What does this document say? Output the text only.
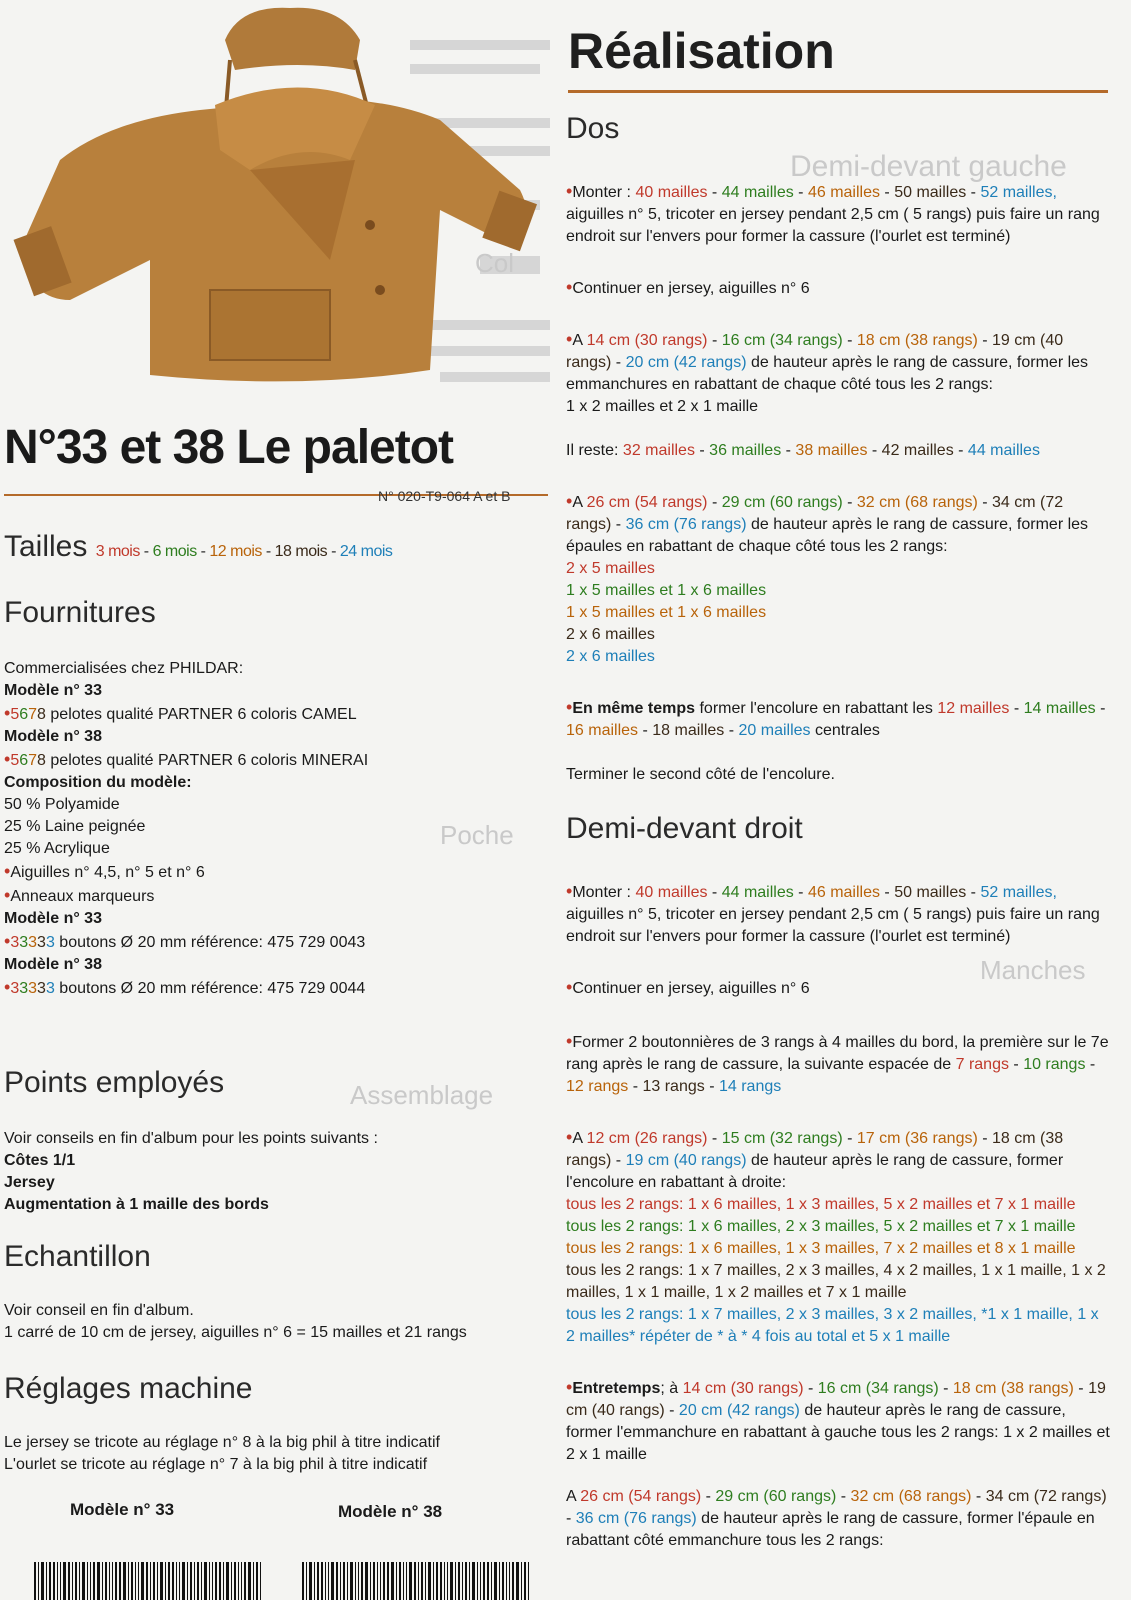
N°33 et 38 Le paletot
N° 020-T9-064 A et B
Tailles 3 mois - 6 mois - 12 mois - 18 mois - 24 mois
Fournitures
Commercialisées chez PHILDAR:
Modèle n° 33
•5678 pelotes qualité PARTNER 6 coloris CAMEL
Modèle n° 38
•5678 pelotes qualité PARTNER 6 coloris MINERAI
Composition du modèle:
50 % Polyamide
25 % Laine peignée
25 % Acrylique
•Aiguilles n° 4,5, n° 5 et n° 6
•Anneaux marqueurs
Modèle n° 33
•33333 boutons Ø 20 mm référence: 475 729 0043
Modèle n° 38
•33333 boutons Ø 20 mm référence: 475 729 0044
Points employés
Voir conseils en fin d'album pour les points suivants :
Côtes 1/1
Jersey
Augmentation à 1 maille des bords
Echantillon
Voir conseil en fin d'album.
1 carré de 10 cm de jersey, aiguilles n° 6 = 15 mailles et 21 rangs
Réglages machine
Le jersey se tricote au réglage n° 8 à la big phil à titre indicatif
L'ourlet se tricote au réglage n° 7 à la big phil à titre indicatif
Modèle n° 33	Modèle n° 38
Réalisation
Dos
•Monter : 40 mailles - 44 mailles - 46 mailles - 50 mailles - 52 mailles, aiguilles n° 5, tricoter en jersey pendant 2,5 cm ( 5 rangs) puis faire un rang endroit sur l'envers pour former la cassure (l'ourlet est terminé)
•Continuer en jersey, aiguilles n° 6
•A 14 cm (30 rangs) - 16 cm (34 rangs) - 18 cm (38 rangs) - 19 cm (40 rangs) - 20 cm (42 rangs) de hauteur après le rang de cassure, former les emmanchures en rabattant de chaque côté tous les 2 rangs:
1 x 2 mailles et 2 x 1 maille
Il reste: 32 mailles - 36 mailles - 38 mailles - 42 mailles - 44 mailles
•A 26 cm (54 rangs) - 29 cm (60 rangs) - 32 cm (68 rangs) - 34 cm (72 rangs) - 36 cm (76 rangs) de hauteur après le rang de cassure, former les épaules en rabattant de chaque côté tous les 2 rangs:
2 x 5 mailles
1 x 5 mailles et 1 x 6 mailles
1 x 5 mailles et 1 x 6 mailles
2 x 6 mailles
2 x 6 mailles
•En même temps former l'encolure en rabattant les 12 mailles - 14 mailles - 16 mailles - 18 mailles - 20 mailles centrales
Terminer le second côté de l'encolure.
Demi-devant droit
•Monter : 40 mailles - 44 mailles - 46 mailles - 50 mailles - 52 mailles, aiguilles n° 5, tricoter en jersey pendant 2,5 cm ( 5 rangs) puis faire un rang endroit sur l'envers pour former la cassure (l'ourlet est terminé)
•Continuer en jersey, aiguilles n° 6
•Former 2 boutonnières de 3 rangs à 4 mailles du bord, la première sur le 7e rang après le rang de cassure, la suivante espacée de 7 rangs - 10 rangs - 12 rangs - 13 rangs - 14 rangs
•A 12 cm (26 rangs) - 15 cm (32 rangs) - 17 cm (36 rangs) - 18 cm (38 rangs) - 19 cm (40 rangs) de hauteur après le rang de cassure, former l'encolure en rabattant à droite:
tous les 2 rangs: 1 x 6 mailles, 1 x 3 mailles, 5 x 2 mailles et 7 x 1 maille
tous les 2 rangs: 1 x 6 mailles, 2 x 3 mailles, 5 x 2 mailles et 7 x 1 maille
tous les 2 rangs: 1 x 6 mailles, 1 x 3 mailles, 7 x 2 mailles et 8 x 1 maille
tous les 2 rangs: 1 x 7 mailles, 2 x 3 mailles, 4 x 2 mailles, 1 x 1 maille, 1 x 2 mailles, 1 x 1 maille, 1 x 2 mailles et 7 x 1 maille
tous les 2 rangs: 1 x 7 mailles, 2 x 3 mailles, 3 x 2 mailles, *1 x 1 maille, 1 x 2 mailles* répéter de * à * 4 fois au total et 5 x 1 maille
•Entretemps; à 14 cm (30 rangs) - 16 cm (34 rangs) - 18 cm (38 rangs) - 19 cm (40 rangs) - 20 cm (42 rangs) de hauteur après le rang de cassure, former l'emmanchure en rabattant à gauche tous les 2 rangs: 1 x 2 mailles et 2 x 1 maille
A 26 cm (54 rangs) - 29 cm (60 rangs) - 32 cm (68 rangs) - 34 cm (72 rangs) - 36 cm (76 rangs) de hauteur après le rang de cassure, former l'épaule en rabattant côté emmanchure tous les 2 rangs:
Demi-devant gauche
Col
Poche
Assemblage
Manches
